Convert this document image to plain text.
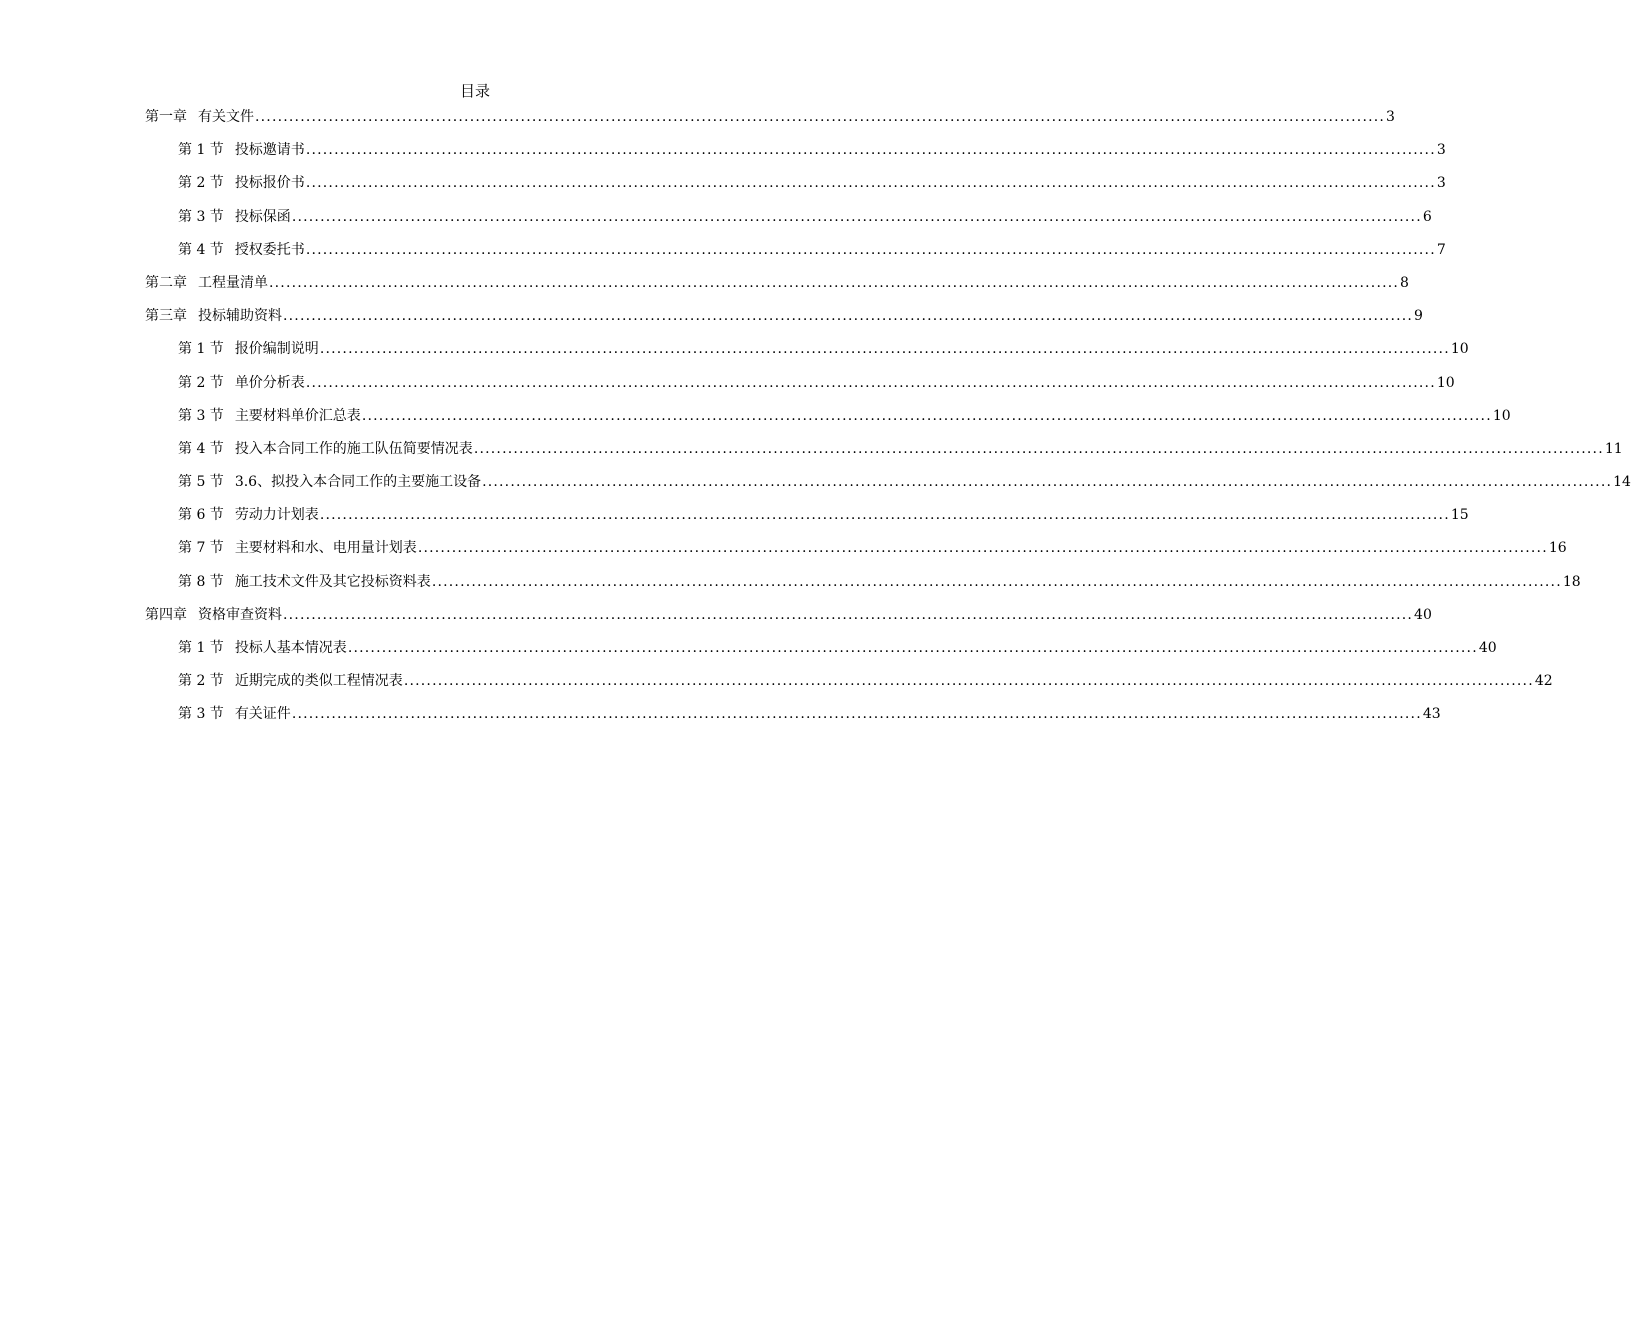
目录
第一章 有关文件 ........................................................................................................................................................................................................ 3
第 1 节 投标邀请书 ........................................................................................................................................................................................................ 3
第 2 节 投标报价书 ........................................................................................................................................................................................................ 3
第 3 节 投标保函 ........................................................................................................................................................................................................ 6
第 4 节 授权委托书 ........................................................................................................................................................................................................ 7
第二章 工程量清单 ........................................................................................................................................................................................................ 8
第三章 投标辅助资料 ........................................................................................................................................................................................................ 9
第 1 节 报价编制说明 ........................................................................................................................................................................................................ 10
第 2 节 单价分析表 ........................................................................................................................................................................................................ 10
第 3 节 主要材料单价汇总表 ........................................................................................................................................................................................................ 10
第 4 节 投入本合同工作的施工队伍简要情况表 ........................................................................................................................................................................................................ 11
第 5 节 3.6、拟投入本合同工作的主要施工设备 ........................................................................................................................................................................................................ 14
第 6 节 劳动力计划表 ........................................................................................................................................................................................................ 15
第 7 节 主要材料和水、电用量计划表 ........................................................................................................................................................................................................ 16
第 8 节 施工技术文件及其它投标资料表 ........................................................................................................................................................................................................ 18
第四章 资格审查资料 ........................................................................................................................................................................................................ 40
第 1 节 投标人基本情况表 ........................................................................................................................................................................................................ 40
第 2 节 近期完成的类似工程情况表 ........................................................................................................................................................................................................ 42
第 3 节 有关证件 ........................................................................................................................................................................................................ 43
